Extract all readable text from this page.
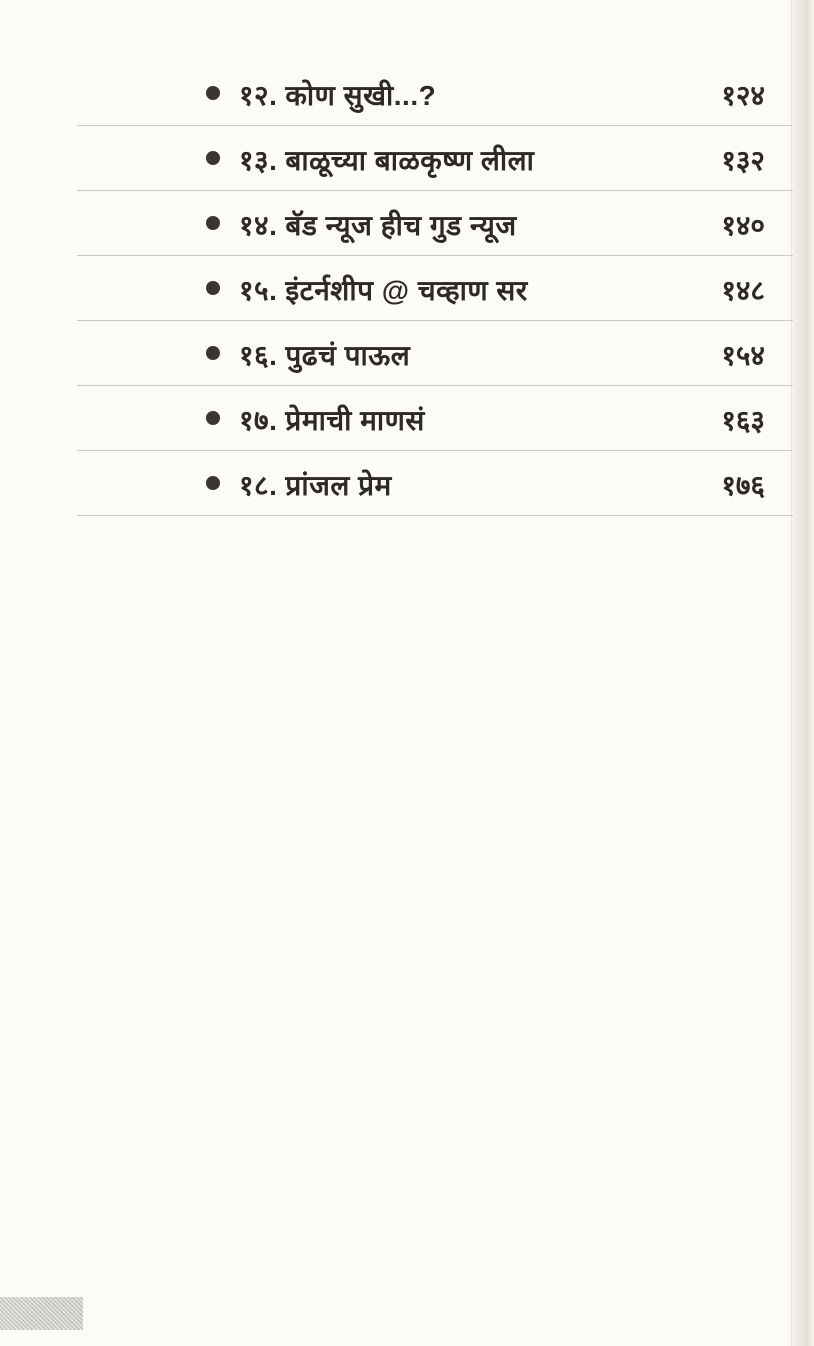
१२. कोण सुखी...?	१२४
१३. बाळूच्या बाळकृष्ण लीला	१३२
१४. बॅड न्यूज हीच गुड न्यूज	१४०
१५. इंटर्नशीप @ चव्हाण सर	१४८
१६. पुढचं पाऊल	१५४
१७. प्रेमाची माणसं	१६३
१८. प्रांजल प्रेम	१७६
